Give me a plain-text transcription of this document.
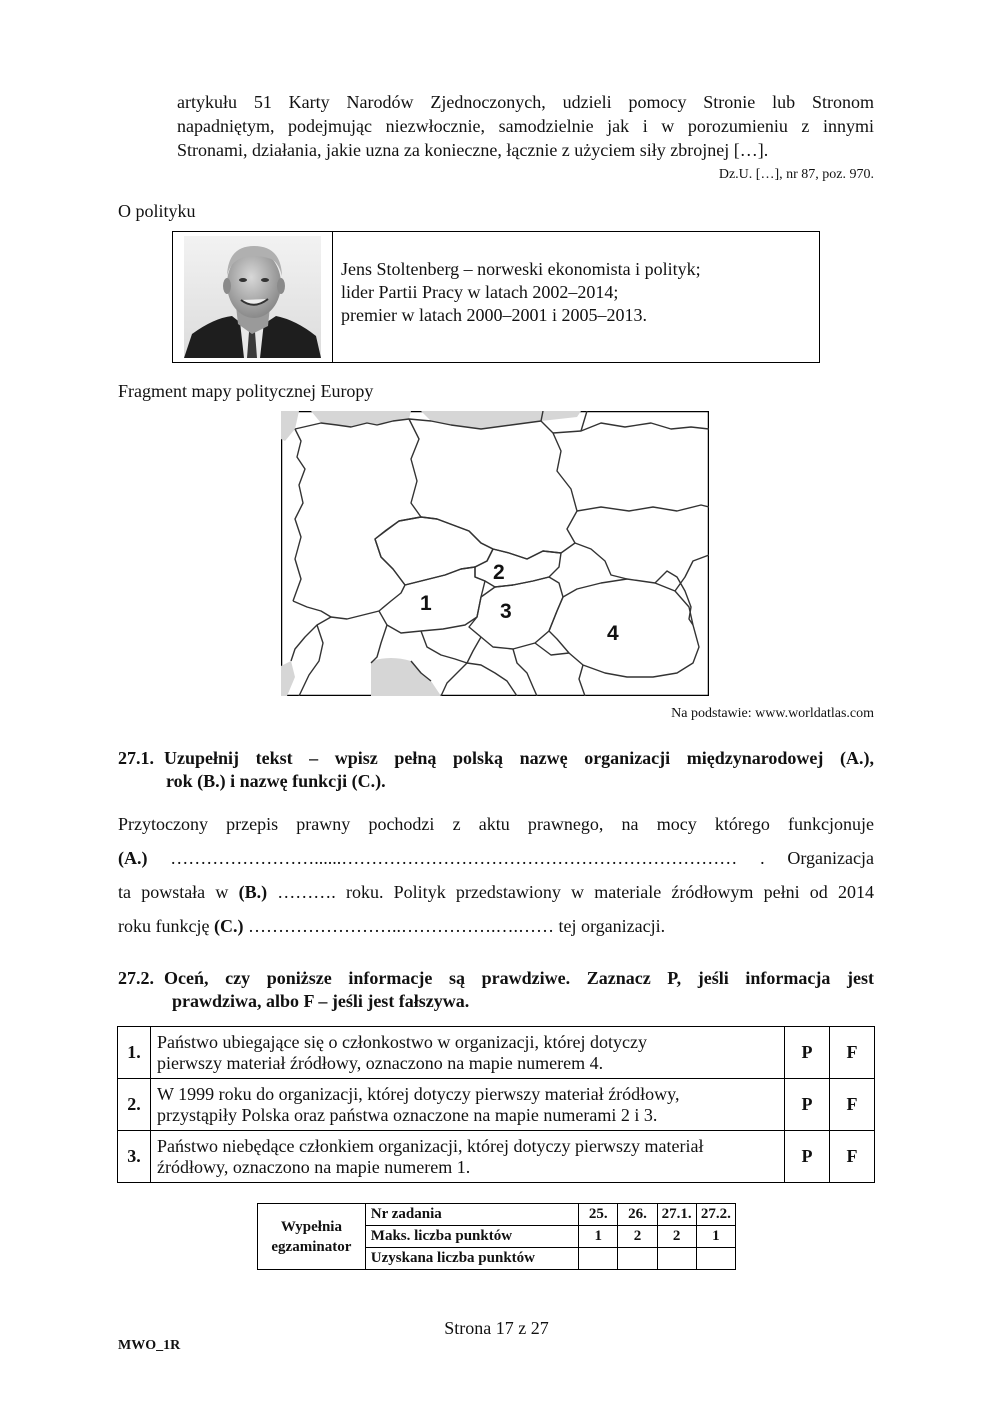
artykułu 51 Karty Narodów Zjednoczonych, udzieli pomocy Stronie lub Stronom

napadniętym, podejmując niezwłocznie, samodzielnie jak i w porozumieniu z innymi

Stronami, działania, jakie uzna za konieczne, łącznie z użyciem siły zbrojnej […].

Dz.U. […], nr 87, poz. 970.
O polityku
Jens Stoltenberg – norweski ekonomista i polityk;
lider Partii Pracy w latach 2002–2014;
premier w latach 2000–2001 i 2005–2013.
Fragment mapy politycznej Europy
1
2
3
4
Na podstawie: www.worldatlas.com
27.1. Uzupełnij tekst – wpisz pełną polską nazwę organizacji międzynarodowej (A.),
rok (B.) i nazwę funkcji (C.).
Przytoczony przepis prawny pochodzi z aktu prawnego, na mocy którego funkcjonuje
(A.) ……………………......………………………………………………………… . Organizacja
ta powstała w (B.) ………. roku. Polityk przedstawiony w materiale źródłowym pełni od 2014
roku funkcję (C.) ……………………..…………….….…… tej organizacji.
27.2. Oceń, czy poniższe informacje są prawdziwe. Zaznacz P, jeśli informacja jest
prawdziwa, albo F – jeśli jest fałszywa.
1.	Państwo ubiegające się o członkostwo w organizacji, której dotyczy
pierwszy materiał źródłowy, oznaczono na mapie numerem 4.	P	F
2.	W 1999 roku do organizacji, której dotyczy pierwszy materiał źródłowy,
przystąpiły Polska oraz państwa oznaczone na mapie numerami 2 i 3.	P	F
3.	Państwo niebędące członkiem organizacji, której dotyczy pierwszy materiał
źródłowy, oznaczono na mapie numerem 1.	P	F
Wypełnia
egzaminator	Nr zadania	25.	26.	27.1.	27.2.
	Maks. liczba punktów	1	2	2	1
	Uzyskana liczba punktów				
Strona 17 z 27
MWO_1R
